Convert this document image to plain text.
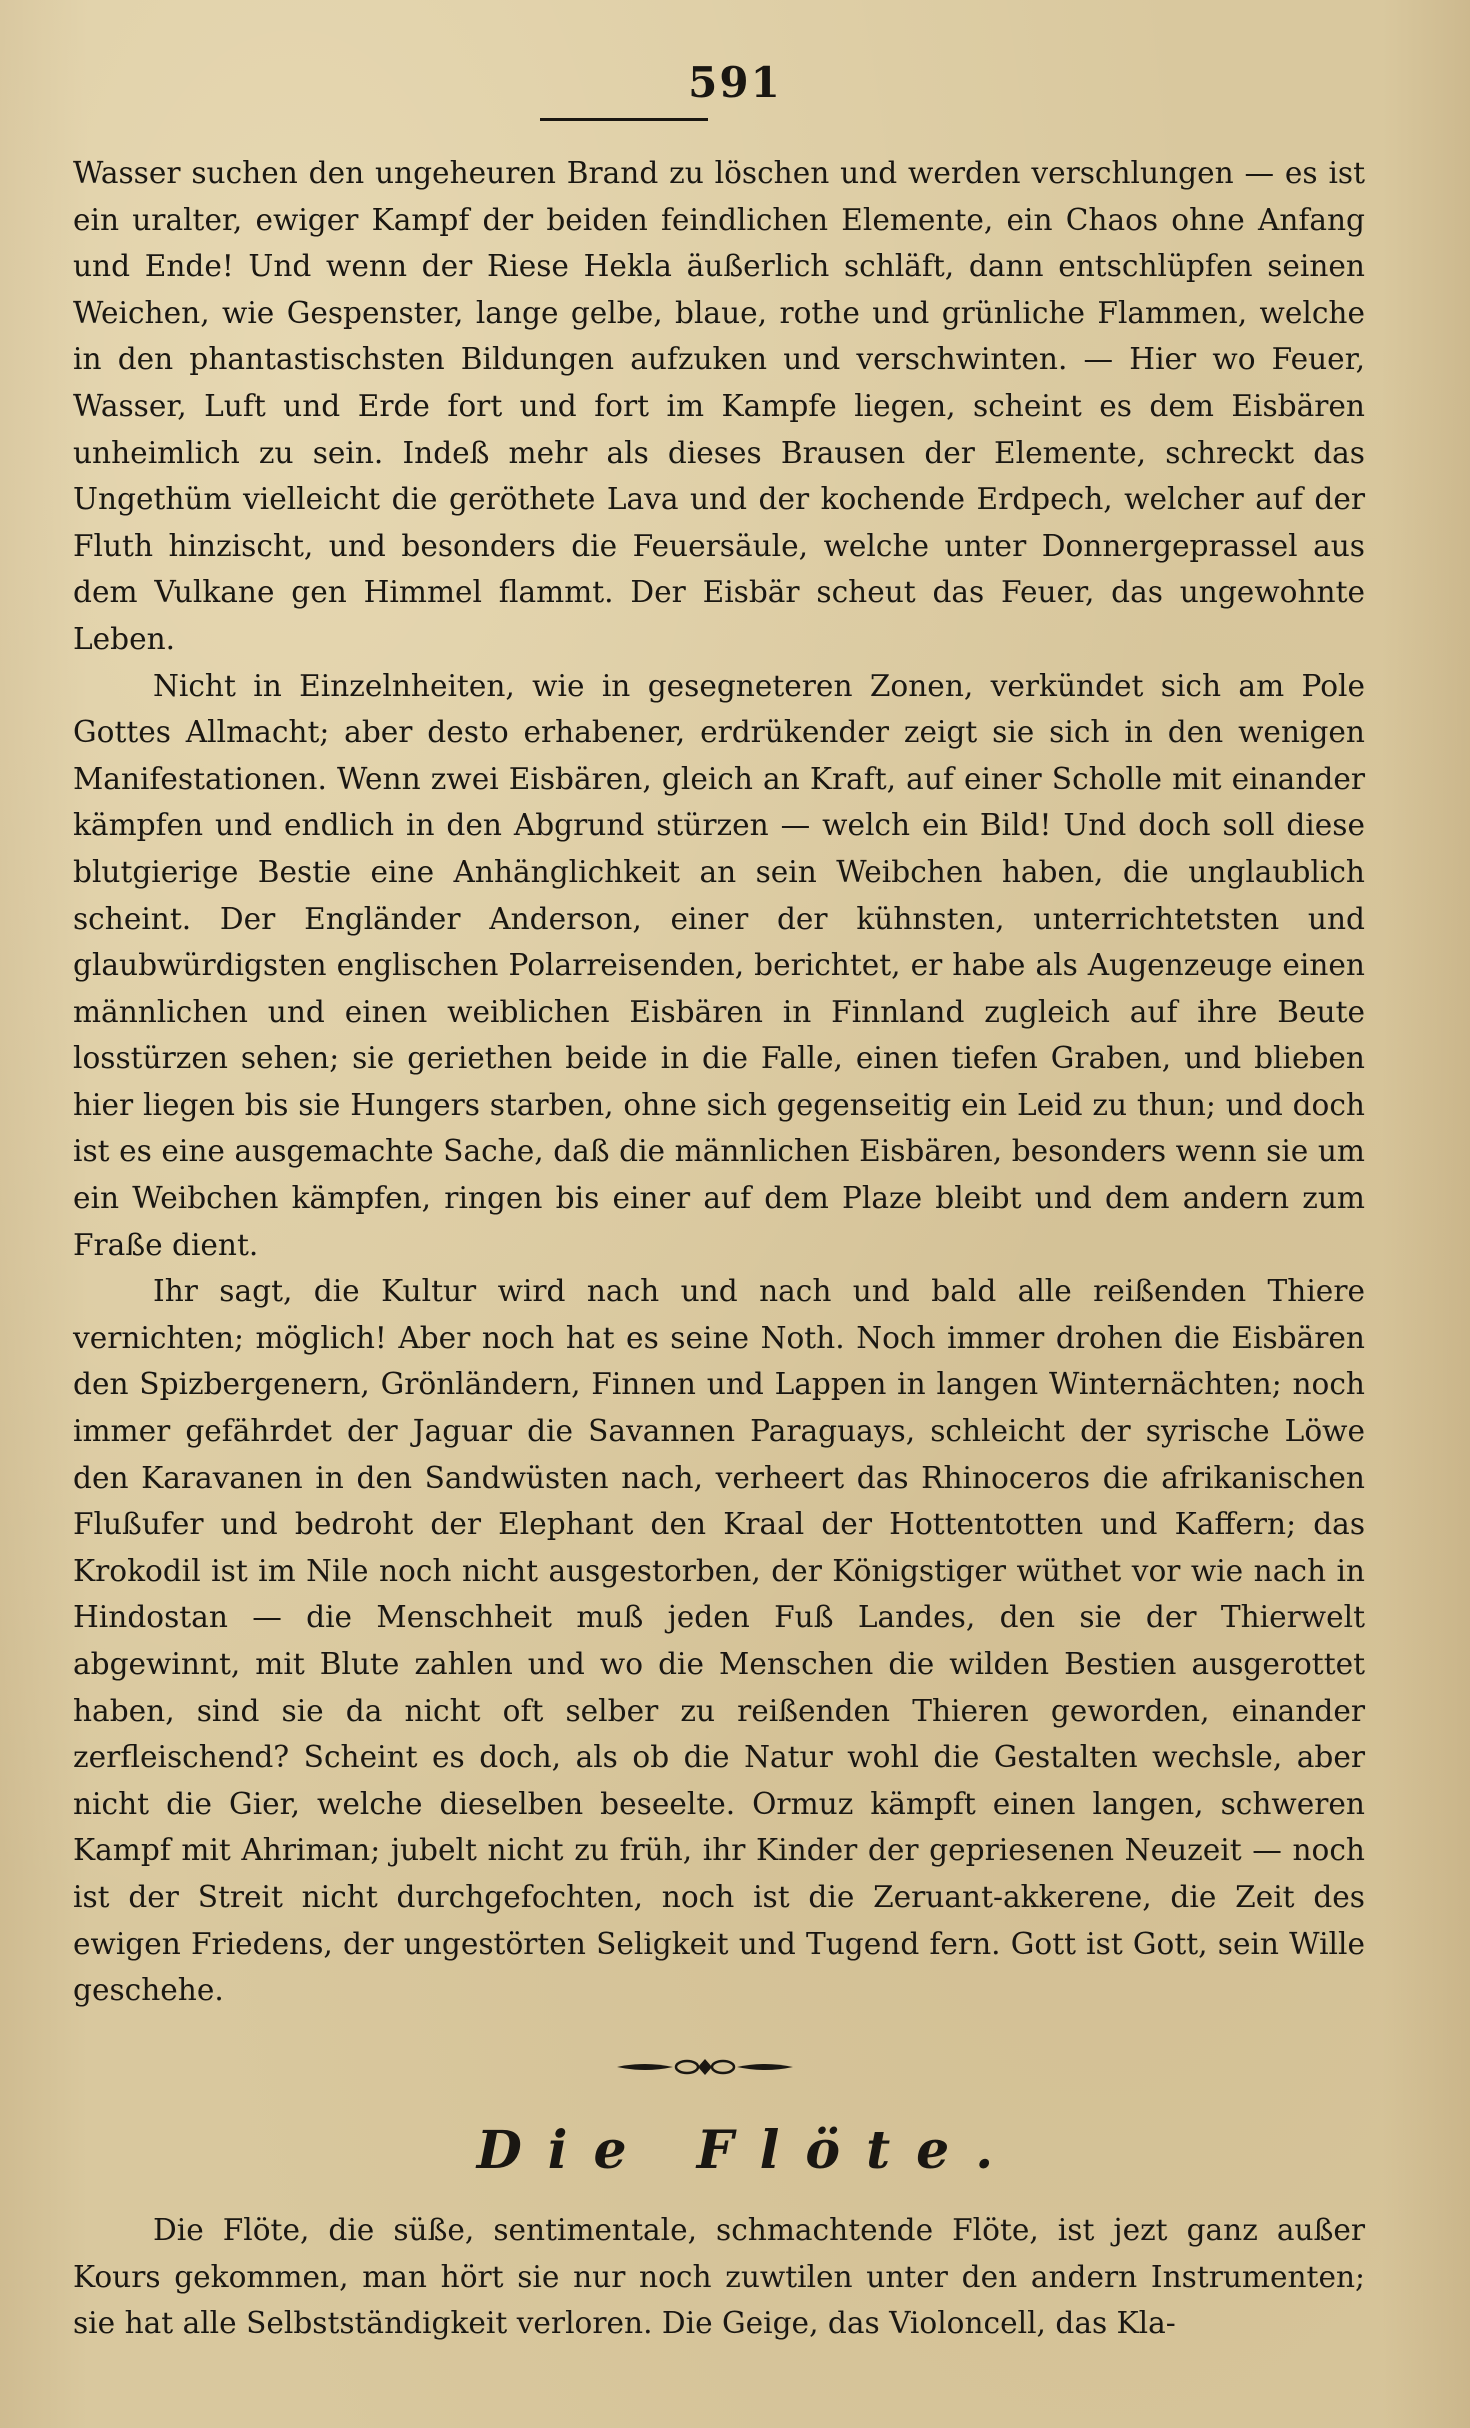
591

Wasser suchen den ungeheuren Brand zu löschen und werden verschlungen — es ist ein uralter, ewiger Kampf der beiden feindlichen Elemente, ein Chaos ohne Anfang und Ende! Und wenn der Riese Hekla äußerlich schläft, dann entschlüpfen seinen Weichen, wie Gespenster, lange gelbe, blaue, rothe und grünliche Flammen, welche in den phantastischsten Bildungen aufzuken und verschwinten. — Hier wo Feuer, Wasser, Luft und Erde fort und fort im Kampfe liegen, scheint es dem Eisbären unheimlich zu sein. Indeß mehr als dieses Brausen der Elemente, schreckt das Ungethüm vielleicht die geröthete Lava und der kochende Erdpech, welcher auf der Fluth hinzischt, und besonders die Feuersäule, welche unter Donnergeprassel aus dem Vulkane gen Himmel flammt. Der Eisbär scheut das Feuer, das ungewohnte Leben.

Nicht in Einzelnheiten, wie in gesegneteren Zonen, verkündet sich am Pole Gottes Allmacht; aber desto erhabener, erdrükender zeigt sie sich in den wenigen Manifestationen. Wenn zwei Eisbären, gleich an Kraft, auf einer Scholle mit einander kämpfen und endlich in den Abgrund stürzen — welch ein Bild! Und doch soll diese blutgierige Bestie eine Anhänglichkeit an sein Weibchen haben, die unglaublich scheint. Der Engländer Anderson, einer der kühnsten, unterrichtetsten und glaubwürdigsten englischen Polarreisenden, berichtet, er habe als Augenzeuge einen männlichen und einen weiblichen Eisbären in Finnland zugleich auf ihre Beute losstürzen sehen; sie geriethen beide in die Falle, einen tiefen Graben, und blieben hier liegen bis sie Hungers starben, ohne sich gegenseitig ein Leid zu thun; und doch ist es eine ausgemachte Sache, daß die männlichen Eisbären, besonders wenn sie um ein Weibchen kämpfen, ringen bis einer auf dem Plaze bleibt und dem andern zum Fraße dient.

Ihr sagt, die Kultur wird nach und nach und bald alle reißenden Thiere vernichten; möglich! Aber noch hat es seine Noth. Noch immer drohen die Eisbären den Spizbergenern, Grönländern, Finnen und Lappen in langen Winternächten; noch immer gefährdet der Jaguar die Savannen Paraguays, schleicht der syrische Löwe den Karavanen in den Sandwüsten nach, verheert das Rhinoceros die afrikanischen Flußufer und bedroht der Elephant den Kraal der Hottentotten und Kaffern; das Krokodil ist im Nile noch nicht ausgestorben, der Königstiger wüthet vor wie nach in Hindostan — die Menschheit muß jeden Fuß Landes, den sie der Thierwelt abgewinnt, mit Blute zahlen und wo die Menschen die wilden Bestien ausgerottet haben, sind sie da nicht oft selber zu reißenden Thieren geworden, einander zerfleischend? Scheint es doch, als ob die Natur wohl die Gestalten wechsle, aber nicht die Gier, welche dieselben beseelte. Ormuz kämpft einen langen, schweren Kampf mit Ahriman; jubelt nicht zu früh, ihr Kinder der gepriesenen Neuzeit — noch ist der Streit nicht durchgefochten, noch ist die Zeruant-akkerene, die Zeit des ewigen Friedens, der ungestörten Seligkeit und Tugend fern. Gott ist Gott, sein Wille geschehe.

Die Flöte.

Die Flöte, die süße, sentimentale, schmachtende Flöte, ist jezt ganz außer Kours gekommen, man hört sie nur noch zuwtilen unter den andern Instrumenten; sie hat alle Selbstständigkeit verloren. Die Geige, das Violoncell, das Kla-
